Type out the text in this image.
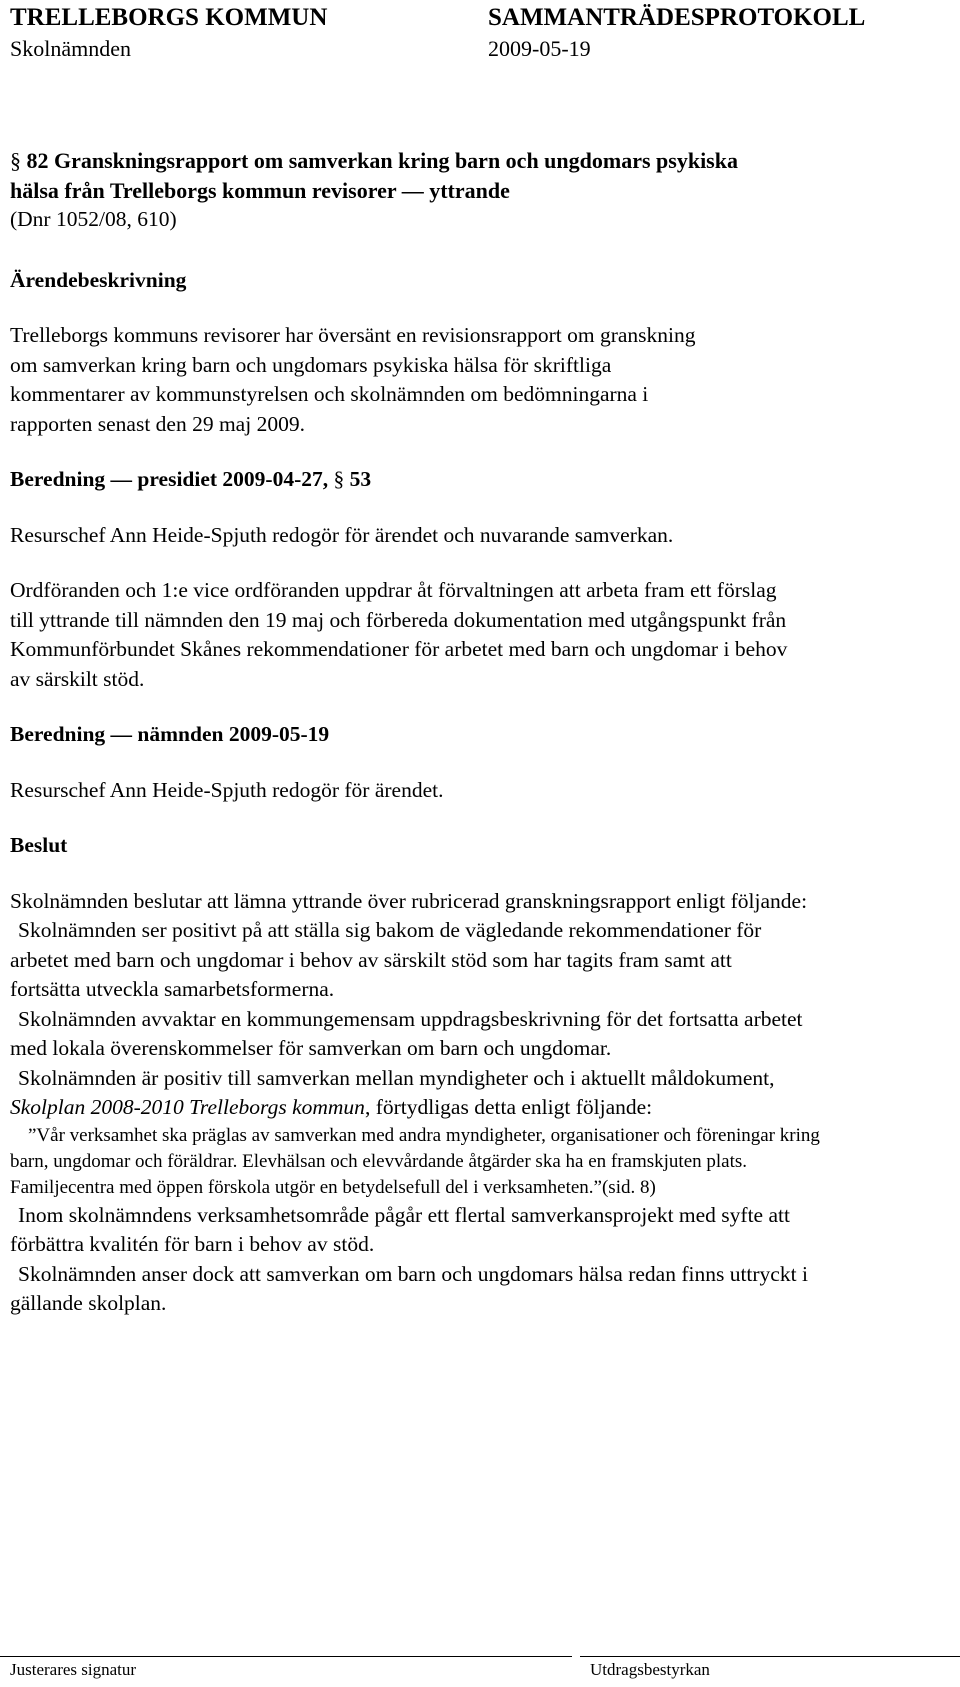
TRELLEBORGS KOMMUN	SAMMANTRÄDESPROTOKOLL
Skolnämnden	2009-05-19

§ 82 Granskningsrapport om samverkan kring barn och ungdomars psykiska
hälsa från Trelleborgs kommun revisorer — yttrande

(Dnr 1052/08, 610)

Ärendebeskrivning

Trelleborgs kommuns revisorer har översänt en revisionsrapport om granskning om samverkan kring barn och ungdomars psykiska hälsa för skriftliga kommentarer av kommunstyrelsen och skolnämnden om bedömningarna i rapporten senast den 29 maj 2009.

Beredning — presidiet 2009-04-27, § 53

Resurschef Ann Heide-Spjuth redogör för ärendet och nuvarande samverkan.

Ordföranden och 1:e vice ordföranden uppdrar åt förvaltningen att arbeta fram ett förslag till yttrande till nämnden den 19 maj och förbereda dokumentation med utgångspunkt från Kommunförbundet Skånes rekommendationer för arbetet med barn och ungdomar i behov av särskilt stöd.

Beredning — nämnden 2009-05-19

Resurschef Ann Heide-Spjuth redogör för ärendet.

Beslut

Skolnämnden beslutar att lämna yttrande över rubricerad granskningsrapport enligt följande:

Skolnämnden ser positivt på att ställa sig bakom de vägledande rekommendationer för arbetet med barn och ungdomar i behov av särskilt stöd som har tagits fram samt att fortsätta utveckla samarbetsformerna.

Skolnämnden avvaktar en kommungemensam uppdragsbeskrivning för det fortsatta arbetet med lokala överenskommelser för samverkan om barn och ungdomar.

Skolnämnden är positiv till samverkan mellan myndigheter och i aktuellt måldokument, Skolplan 2008-2010 Trelleborgs kommun, förtydligas detta enligt följande:

”Vår verksamhet ska präglas av samverkan med andra myndigheter, organisationer och föreningar kring barn, ungdomar och föräldrar. Elevhälsan och elevvårdande åtgärder ska ha en framskjuten plats. Familjecentra med öppen förskola utgör en betydelsefull del i verksamheten.”(sid. 8)

Inom skolnämndens verksamhetsområde pågår ett flertal samverkansprojekt med syfte att förbättra kvalitén för barn i behov av stöd.

Skolnämnden anser dock att samverkan om barn och ungdomars hälsa redan finns uttryckt i gällande skolplan.

Justerares signatur	Utdragsbestyrkan
